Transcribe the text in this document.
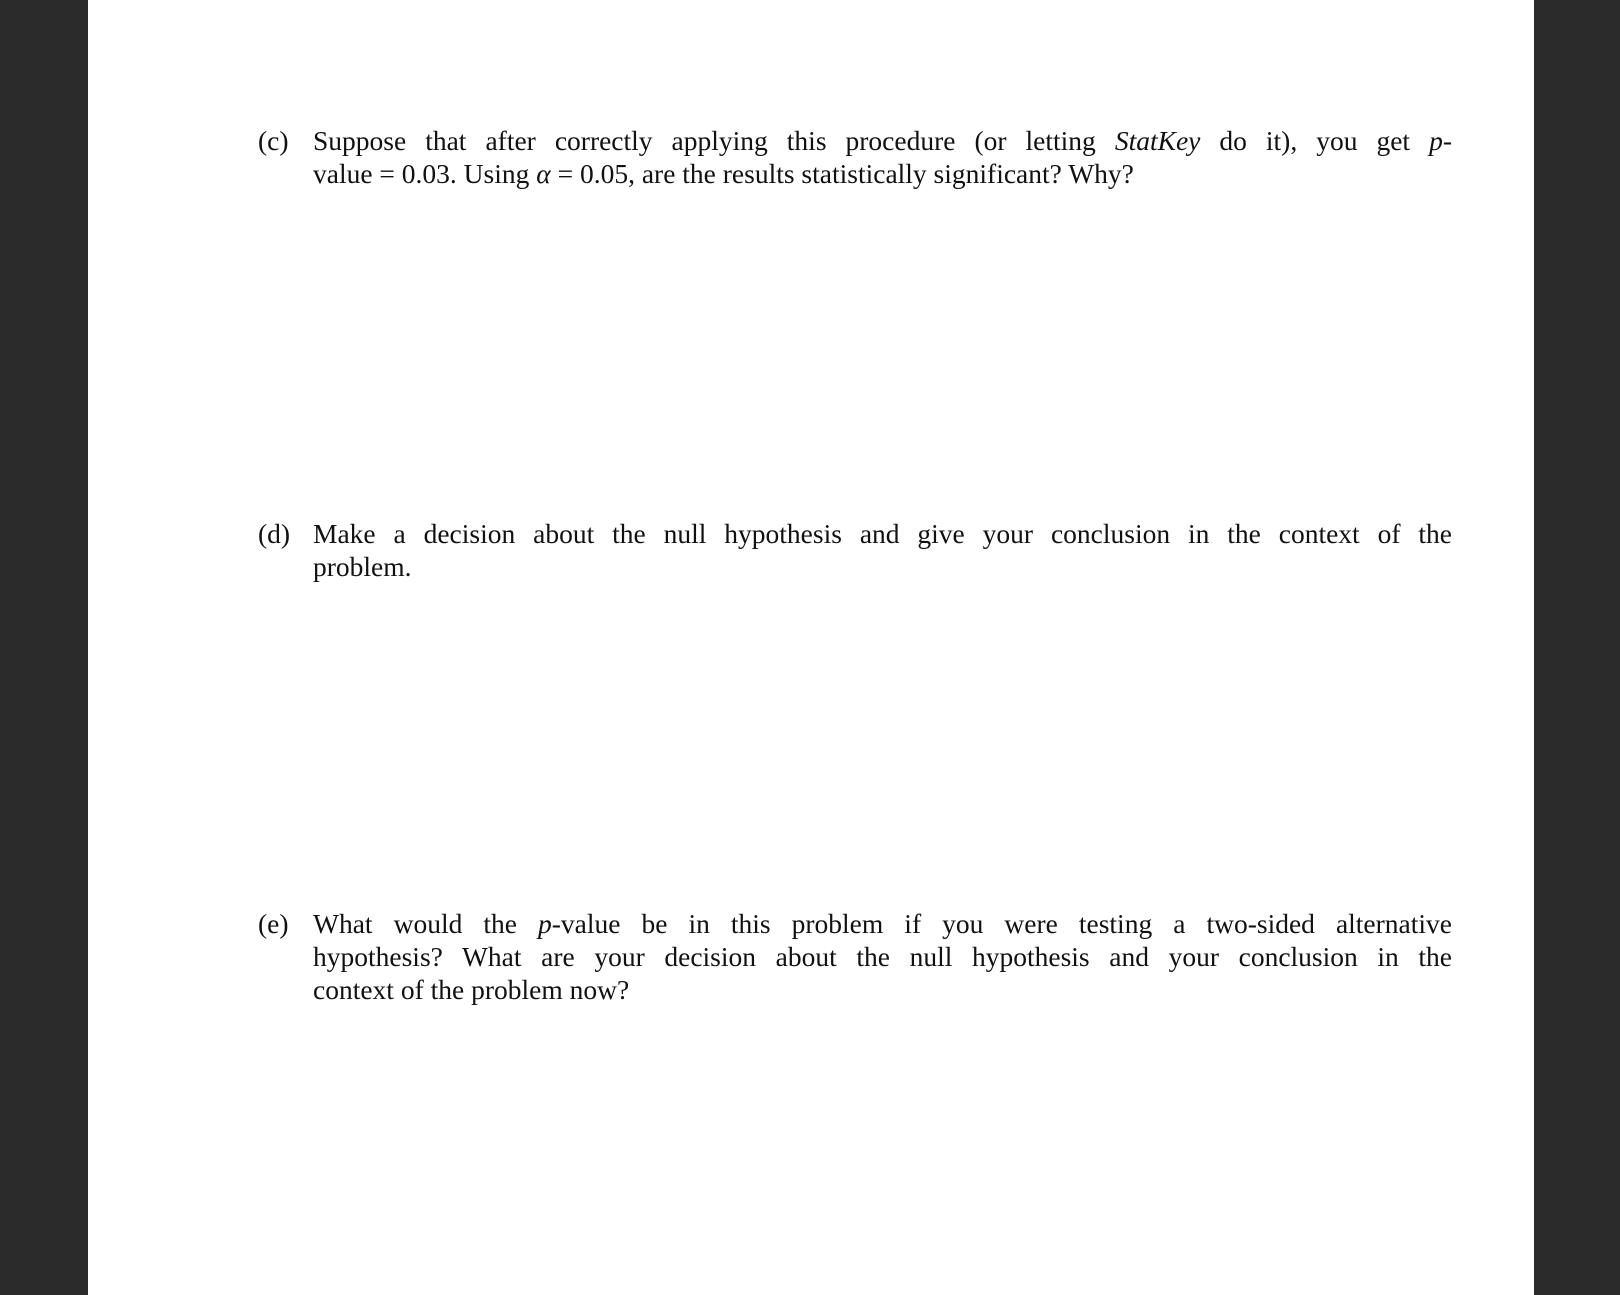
(c) Suppose that after correctly applying this procedure (or letting StatKey do it), you get p-
value = 0.03. Using α = 0.05, are the results statistically significant? Why?
(d) Make a decision about the null hypothesis and give your conclusion in the context of the
problem.
(e) What would the p-value be in this problem if you were testing a two-sided alternative
hypothesis? What are your decision about the null hypothesis and your conclusion in the
context of the problem now?
